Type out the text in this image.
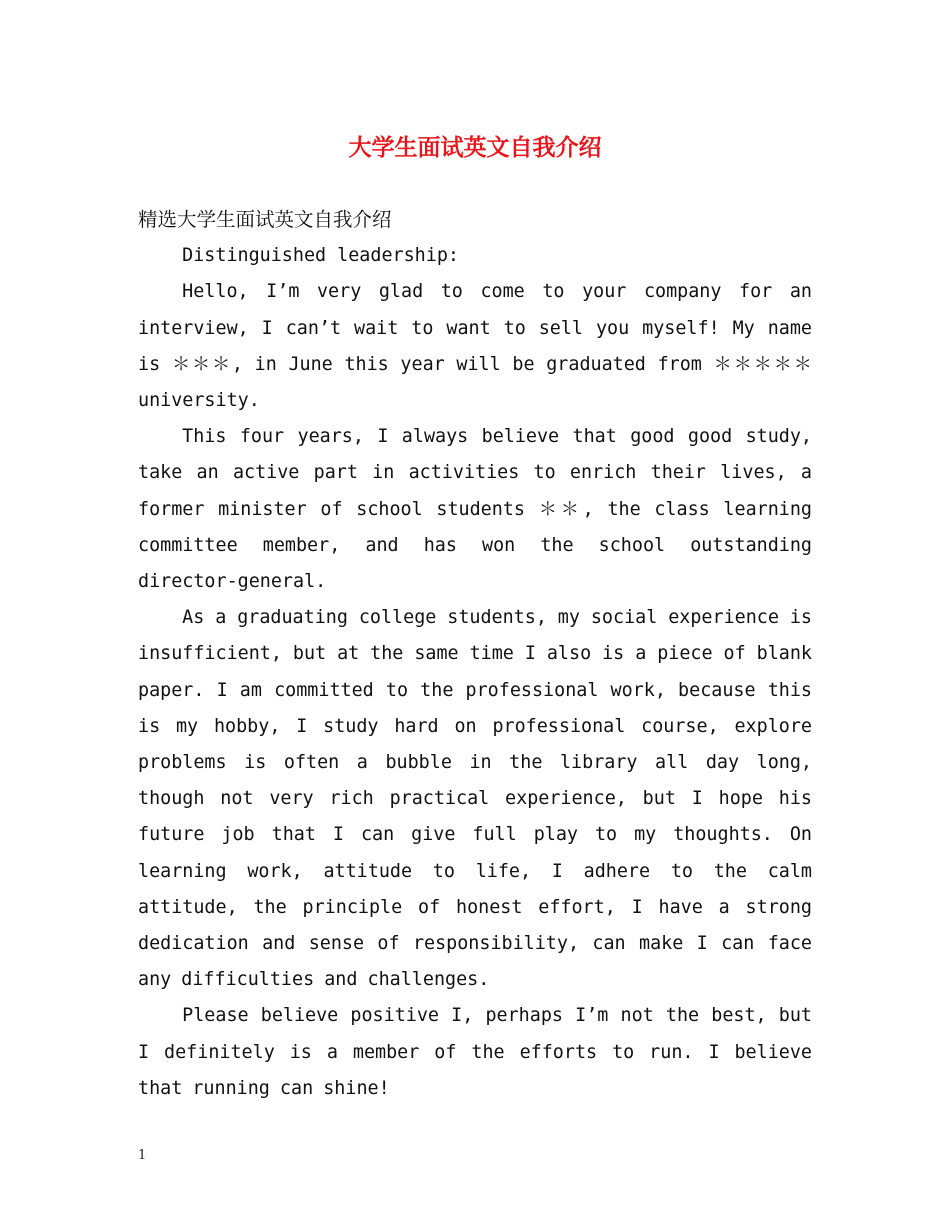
大学生面试英文自我介绍

精选大学生面试英文自我介绍

Distinguished leadership:

Hello, I’m very glad to come to your company for an interview, I can’t wait to want to sell you myself! My name is ＊＊＊, in June this year will be graduated from ＊＊＊＊＊ university.

This four years, I always believe that good good study, take an active part in activities to enrich their lives, a former minister of school students ＊＊, the class learning committee member, and has won the school outstanding director-general.

As a graduating college students, my social experience is insufficient, but at the same time I also is a piece of blank paper. I am committed to the professional work, because this is my hobby, I study hard on professional course, explore problems is often a bubble in the library all day long, though not very rich practical experience, but I hope his future job that I can give full play to my thoughts. On learning work, attitude to life, I adhere to the calm attitude, the principle of honest effort, I have a strong dedication and sense of responsibility, can make I can face any difficulties and challenges.

Please believe positive I, perhaps I’m not the best, but I definitely is a member of the efforts to run. I believe that running can shine!

1
